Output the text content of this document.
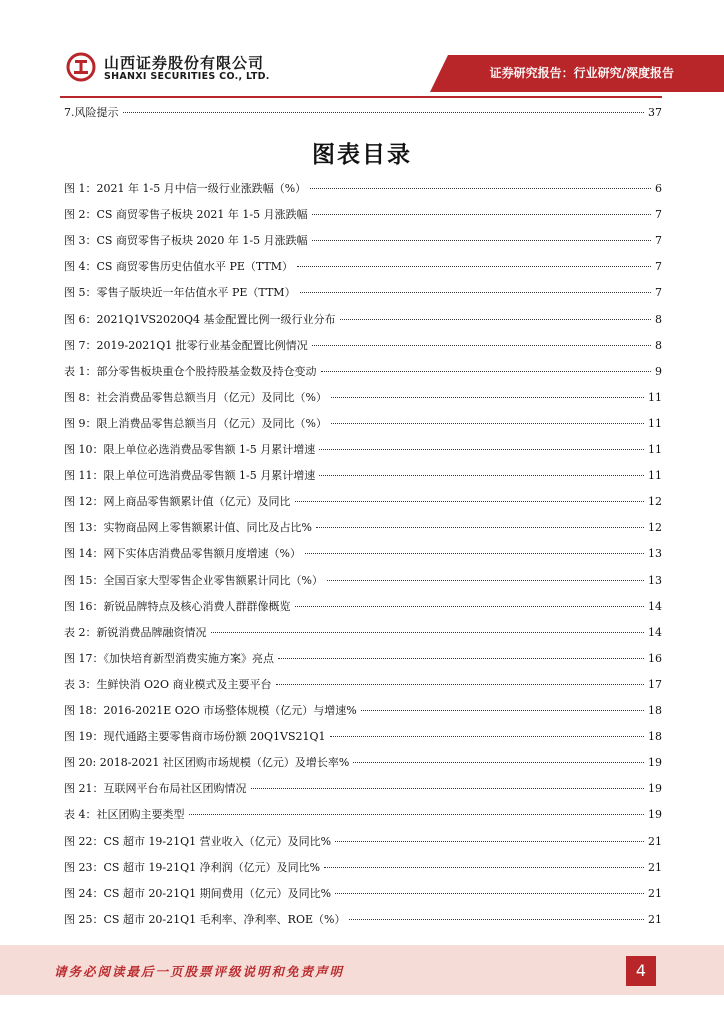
山西证券股份有限公司
SHANXI SECURITIES CO., LTD.	证券研究报告：行业研究/深度报告
7.风险提示	37
图表目录
图 1：2021 年 1-5 月中信一级行业涨跌幅（%）	6
图 2：CS 商贸零售子板块 2021 年 1-5 月涨跌幅	7
图 3：CS 商贸零售子板块 2020 年 1-5 月涨跌幅	7
图 4：CS 商贸零售历史估值水平 PE（TTM）	7
图 5：零售子版块近一年估值水平 PE（TTM）	7
图 6：2021Q1VS2020Q4 基金配置比例一级行业分布	8
图 7：2019-2021Q1 批零行业基金配置比例情况	8
表 1：部分零售板块重仓个股持股基金数及持仓变动	9
图 8：社会消费品零售总额当月（亿元）及同比（%）	11
图 9：限上消费品零售总额当月（亿元）及同比（%）	11
图 10：限上单位必选消费品零售额 1-5 月累计增速	11
图 11：限上单位可选消费品零售额 1-5 月累计增速	11
图 12：网上商品零售额累计值（亿元）及同比	12
图 13：实物商品网上零售额累计值、同比及占比%	12
图 14：网下实体店消费品零售额月度增速（%）	13
图 15：全国百家大型零售企业零售额累计同比（%）	13
图 16：新锐品牌特点及核心消费人群群像概览	14
表 2：新锐消费品牌融资情况	14
图 17：《加快培育新型消费实施方案》亮点	16
表 3：生鲜快消 O2O 商业模式及主要平台	17
图 18：2016-2021E O2O 市场整体规模（亿元）与增速%	18
图 19：现代通路主要零售商市场份额 20Q1VS21Q1	18
图 20: 2018-2021 社区团购市场规模（亿元）及增长率%	19
图 21：互联网平台布局社区团购情况	19
表 4：社区团购主要类型	19
图 22：CS 超市 19-21Q1 营业收入（亿元）及同比%	21
图 23：CS 超市 19-21Q1 净利润（亿元）及同比%	21
图 24：CS 超市 20-21Q1 期间费用（亿元）及同比%	21
图 25：CS 超市 20-21Q1 毛利率、净利率、ROE（%）	21
请务必阅读最后一页股票评级说明和免责声明	4
